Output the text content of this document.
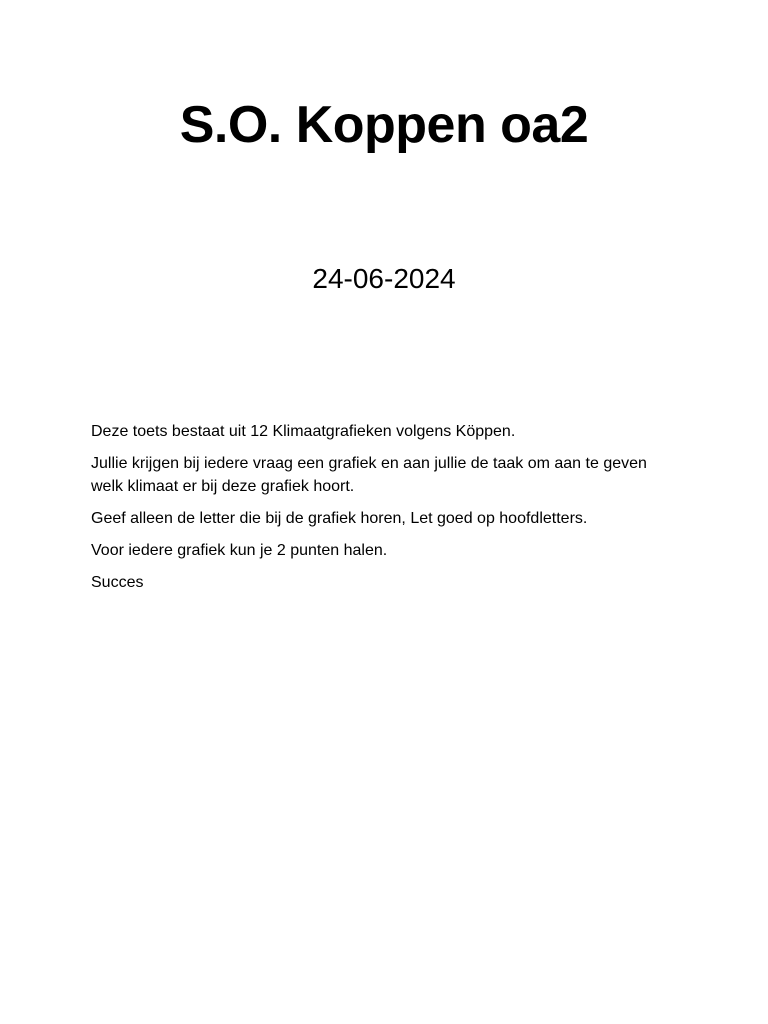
S.O. Koppen oa2
24-06-2024

Deze toets bestaat uit 12 Klimaatgrafieken volgens Köppen.

Jullie krijgen bij iedere vraag een grafiek en aan jullie de taak om aan te geven welk klimaat er bij deze grafiek hoort.

Geef alleen de letter die bij de grafiek horen, Let goed op hoofdletters.

Voor iedere grafiek kun je 2 punten halen.

Succes
